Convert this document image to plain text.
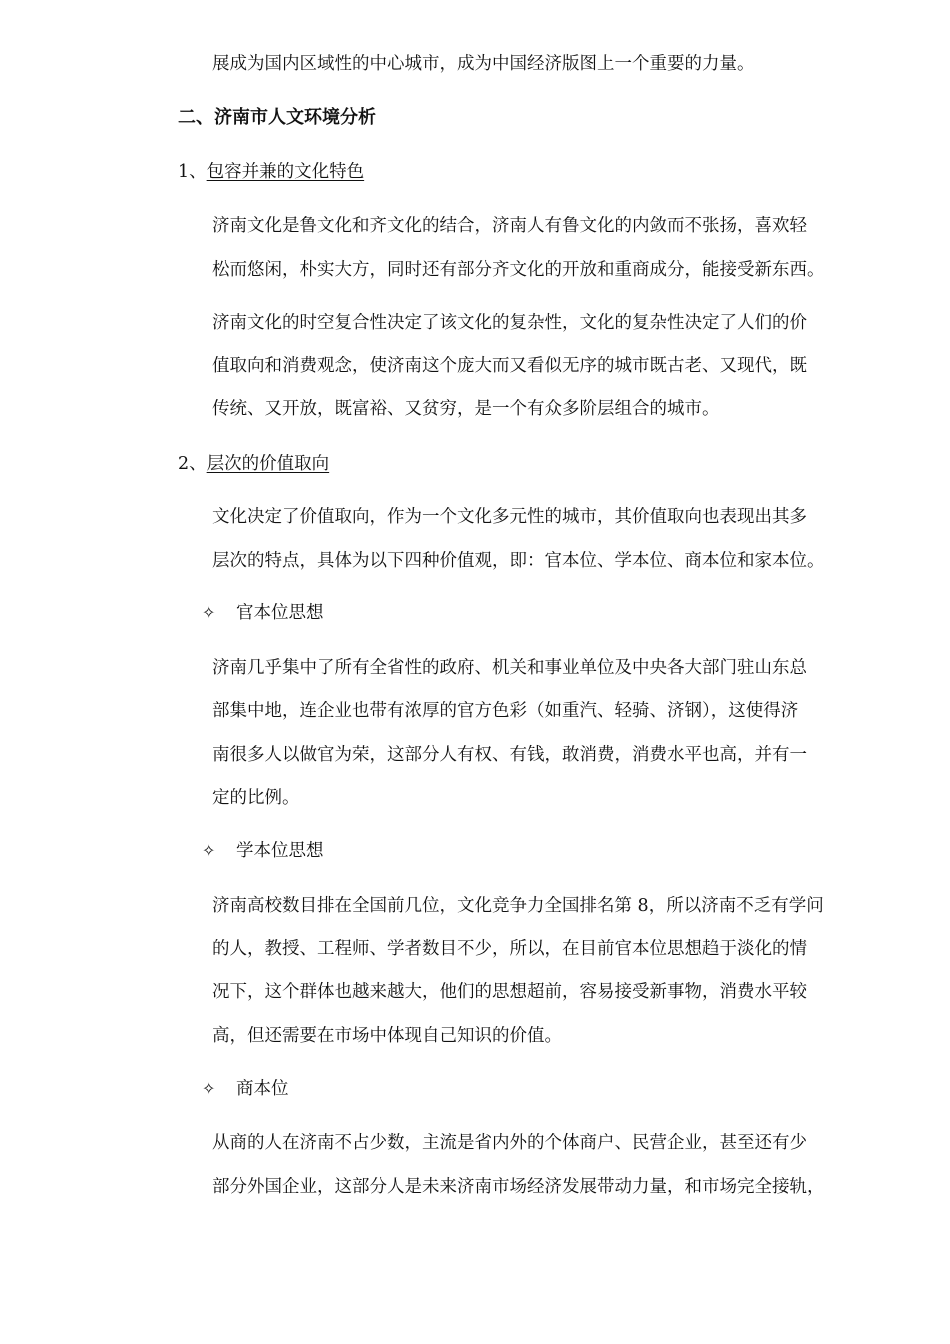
展成为国内区域性的中心城市，成为中国经济版图上一个重要的力量。
二、济南市人文环境分析
1、包容并兼的文化特色
济南文化是鲁文化和齐文化的结合，济南人有鲁文化的内敛而不张扬，喜欢轻
松而悠闲，朴实大方，同时还有部分齐文化的开放和重商成分，能接受新东西。
济南文化的时空复合性决定了该文化的复杂性，文化的复杂性决定了人们的价
值取向和消费观念，使济南这个庞大而又看似无序的城市既古老、又现代，既
传统、又开放，既富裕、又贫穷，是一个有众多阶层组合的城市。
2、层次的价值取向
文化决定了价值取向，作为一个文化多元性的城市，其价值取向也表现出其多
层次的特点，具体为以下四种价值观，即：官本位、学本位、商本位和家本位。
✧ 官本位思想
济南几乎集中了所有全省性的政府、机关和事业单位及中央各大部门驻山东总
部集中地，连企业也带有浓厚的官方色彩（如重汽、轻骑、济钢），这使得济
南很多人以做官为荣，这部分人有权、有钱，敢消费，消费水平也高，并有一
定的比例。
✧ 学本位思想
济南高校数目排在全国前几位，文化竞争力全国排名第 8，所以济南不乏有学问
的人，教授、工程师、学者数目不少，所以，在目前官本位思想趋于淡化的情
况下，这个群体也越来越大，他们的思想超前，容易接受新事物，消费水平较
高，但还需要在市场中体现自己知识的价值。
✧ 商本位
从商的人在济南不占少数，主流是省内外的个体商户、民营企业，甚至还有少
部分外国企业，这部分人是未来济南市场经济发展带动力量，和市场完全接轨，
